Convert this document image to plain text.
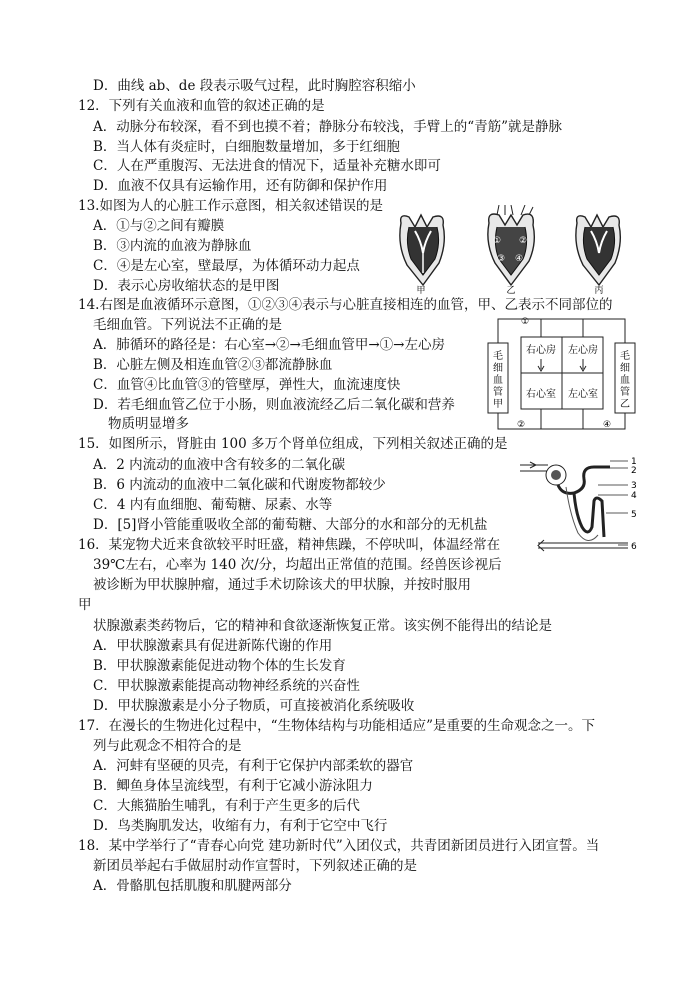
D．曲线 ab、de 段表示吸气过程，此时胸腔容积缩小
12．下列有关血液和血管的叙述正确的是
A．动脉分布较深，看不到也摸不着；静脉分布较浅，手臂上的“青筋”就是静脉
B．当人体有炎症时，白细胞数量增加，多于红细胞
C．人在严重腹泻、无法进食的情况下，适量补充糖水即可
D．血液不仅具有运输作用，还有防御和保护作用
13.如图为人的心脏工作示意图，相关叙述错误的是
A．①与②之间有瓣膜
B．③内流的血液为静脉血
C．④是左心室，壁最厚，为体循环动力起点
D．表示心房收缩状态的是甲图
① ②
③ ④
甲	乙	丙
14.右图是血液循环示意图，①②③④表示与心脏直接相连的血管，甲、乙表示不同部位的
毛细血管。下列说法不正确的是
A．肺循环的路径是：右心室→②→毛细血管甲→①→左心房
B．心脏左侧及相连血管②③都流静脉血
C．血管④比血管③的管壁厚，弹性大，血流速度快
D．若毛细血管乙位于小肠，则血液流经乙后二氧化碳和营养
物质明显增多
①
②	④
毛细血管甲
毛细血管乙
右心房 左心房
右心室 左心室
15．如图所示，肾脏由 100 多万个肾单位组成，下列相关叙述正确的是
A．2 内流动的血液中含有较多的二氧化碳
B．6 内流动的血液中二氧化碳和代谢废物都较少
C．4 内有血细胞、葡萄糖、尿素、水等
D．[5]肾小管能重吸收全部的葡萄糖、大部分的水和部分的无机盐
1
2
3
4
5
6
16．某宠物犬近来食欲较平时旺盛，精神焦躁，不停吠叫，体温经常在
39℃左右，心率为 140 次/分，均超出正常值的范围。经兽医诊视后
被诊断为甲状腺肿瘤，通过手术切除该犬的甲状腺，并按时服用
甲
状腺激素类药物后，它的精神和食欲逐渐恢复正常。该实例不能得出的结论是
A．甲状腺激素具有促进新陈代谢的作用
B．甲状腺激素能促进动物个体的生长发育
C．甲状腺激素能提高动物神经系统的兴奋性
D．甲状腺激素是小分子物质，可直接被消化系统吸收
17．在漫长的生物进化过程中，“生物体结构与功能相适应”是重要的生命观念之一。下
列与此观念不相符合的是
A．河蚌有坚硬的贝壳，有利于它保护内部柔软的器官
B．鲫鱼身体呈流线型，有利于它减小游泳阻力
C．大熊猫胎生哺乳，有利于产生更多的后代
D．鸟类胸肌发达，收缩有力，有利于它空中飞行
18．某中学举行了“青春心向党 建功新时代”入团仪式，共青团新团员进行入团宣誓。当
新团员举起右手做屈肘动作宣誓时，下列叙述正确的是
A．骨骼肌包括肌腹和肌腱两部分
